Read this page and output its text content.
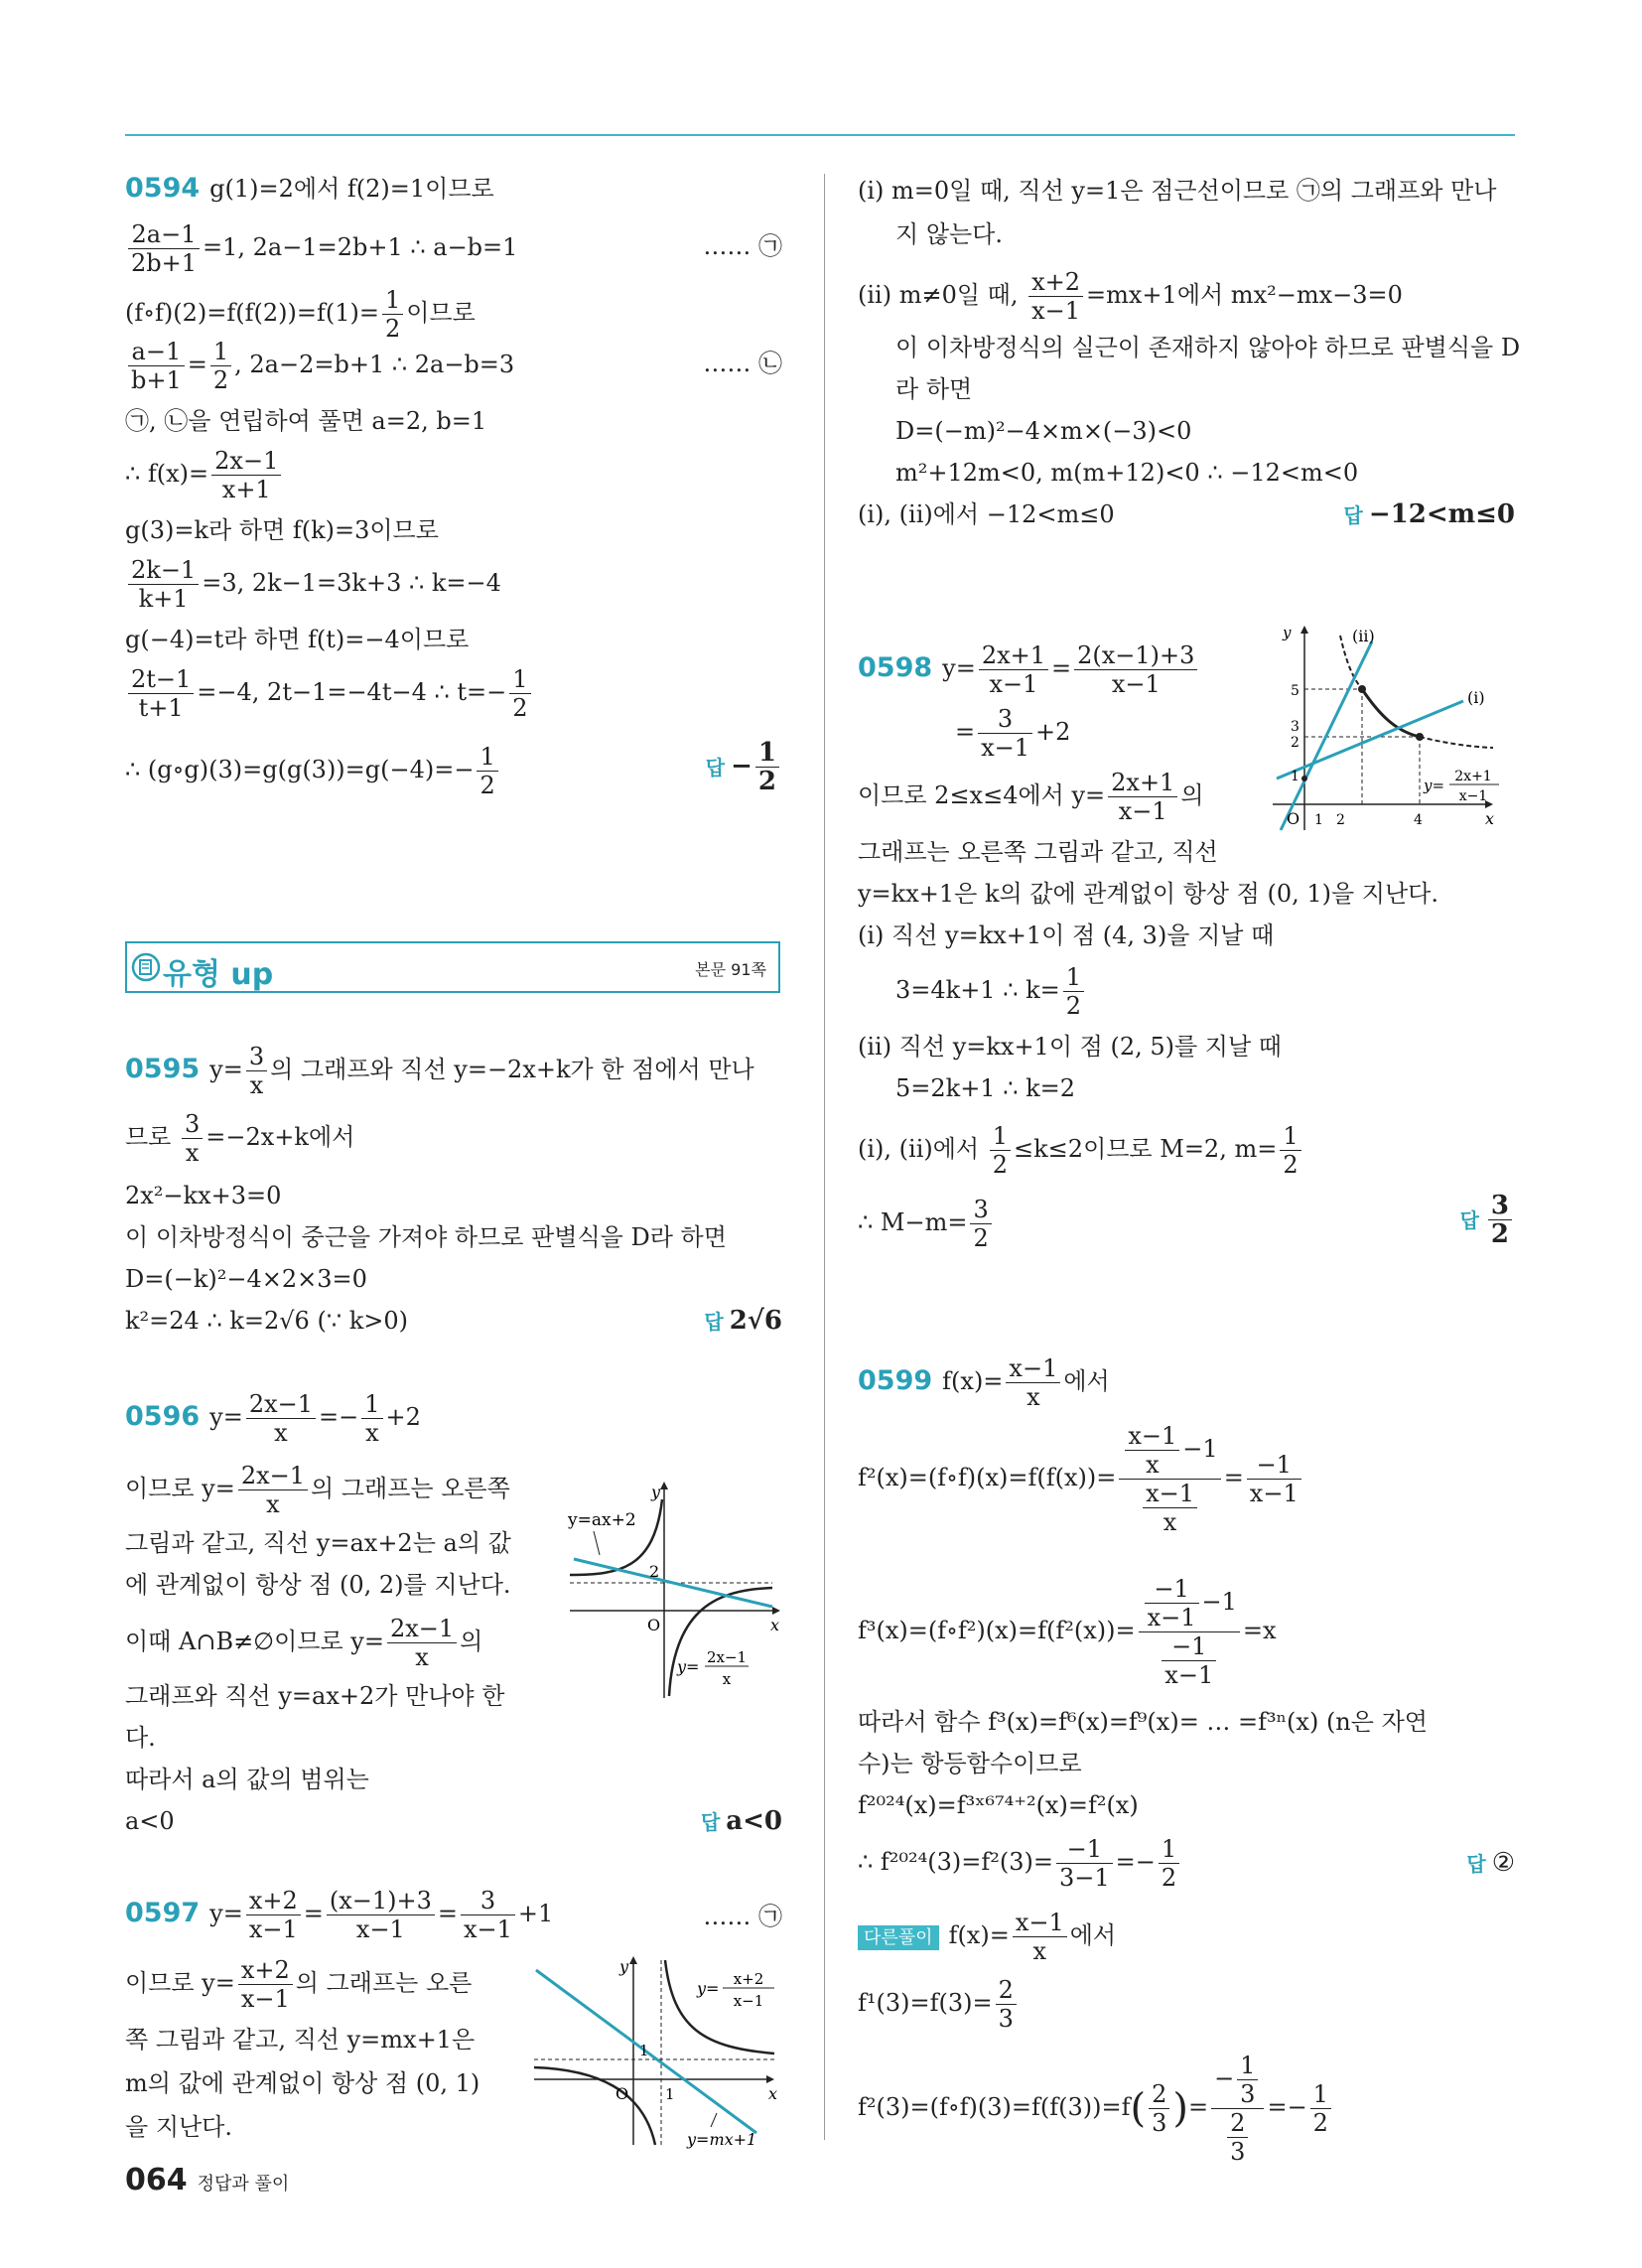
0594 g(1)=2에서 f(2)=1이므로
$\frac{2a-1}{2b+1} =1$, 2a−1=2b+1 ∴ a−b=1	…… ㉠
(f∘f)(2)=f(f(2))=f(1)= $\frac{1}{2}$ 이므로
$\frac{a-1}{b+1} = \frac{1}{2}$ , 2a−2=b+1 ∴ 2a−b=3	…… ㉡
㉠, ㉡을 연립하여 풀면 a=2, b=1
∴ $f(x)= \frac{2x-1}{x+1}$
g(3)=k라 하면 f(k)=3이므로
$\frac{2k-1}{k+1} =3$, 2k−1=3k+3 ∴ k=−4
g(−4)=t라 하면 f(t)=−4이므로
$\frac{2t-1}{t+1} =-4$, 2t−1=−4t−4 ∴ $t=- \frac{1}{2}$
∴ (g∘g)(3)=g(g(3))=g(−4)=− $\frac{1}{2}$	답 − $\frac{1}{2}$
유형 up	본문 91쪽
0595 $y= \frac{3}{x}$ 의 그래프와 직선 y=−2x+k가 한 점에서 만나
므로 $\frac{3}{x} =-2x+k$에서
2x²−kx+3=0
이 이차방정식이 중근을 가져야 하므로 판별식을 D라 하면
D=(−k)²−4×2×3=0
k²=24 ∴ k=2√6 (∵ k>0)	답 2√6
0596 $y= \frac{2x-1}{x} =- \frac{1}{x} +2$
이므로 $y= \frac{2x-1}{x}$ 의 그래프는 오른쪽
그림과 같고, 직선 y=ax+2는 a의 값
에 관계없이 항상 점 (0, 2)를 지난다.
이때 A∩B≠∅이므로 $y= \frac{2x-1}{x}$ 의
그래프와 직선 y=ax+2가 만나야 한
다.
따라서 a의 값의 범위는
a<0	답 a<0
y=ax+2
y
x
O
2
y= 2x−1
x
0597 $y= \frac{x+2}{x-1} = \frac{(x-1)+3}{x-1} = \frac{3}{x-1} +1$	…… ㉠
이므로 $y= \frac{x+2}{x-1}$ 의 그래프는 오른
쪽 그림과 같고, 직선 y=mx+1은
m의 값에 관계없이 항상 점 (0, 1)
을 지난다.
y
x
O
1
1
y= x+2
x−1
y=mx+1
(i) m=0일 때, 직선 y=1은 점근선이므로 ㉠의 그래프와 만나
지 않는다.
(ii) m≠0일 때, $\frac{x+2}{x-1} =mx+1$에서 mx²−mx−3=0
이 이차방정식의 실근이 존재하지 않아야 하므로 판별식을 D
라 하면
D=(−m)²−4×m×(−3)<0
m²+12m<0, m(m+12)<0 ∴ −12<m<0
(i), (ii)에서 −12<m≤0	답 −12<m≤0
0598 $y= \frac{2x+1}{x-1} = \frac{2(x-1)+3}{x-1}$
= $\frac{3}{x-1} +2$
이므로 2≤x≤4에서 $y= \frac{2x+1}{x-1}$ 의
그래프는 오른쪽 그림과 같고, 직선
y=kx+1은 k의 값에 관계없이 항상 점 (0, 1)을 지난다.
(i) 직선 y=kx+1이 점 (4, 3)을 지날 때
3=4k+1 ∴ $k= \frac{1}{2}$
(ii) 직선 y=kx+1이 점 (2, 5)를 지날 때
5=2k+1 ∴ k=2
(i), (ii)에서 $\frac{1}{2} \le k\le 2$이므로 M=2, $m= \frac{1}{2}$
∴ $M-m= \frac{3}{2}$	답 $\frac{3}{2}$
(ii)
(i)
y
x
O
5
3
2
1
1 2	4
y= 2x+1
x−1
0599 $f(x)= \frac{x-1}{x}$ 에서
f²(x)=(f∘f)(x)=f(f(x))= $\frac{\frac{x-1}{x} -1}{\frac{x-1}{x}} = \frac{-1}{x-1}$
f³(x)=(f∘f²)(x)=f(f²(x))= $\frac{\frac{-1}{x-1} -1}{\frac{-1}{x-1}} =x$
따라서 함수 f³(x)=f⁶(x)=f⁹(x)= … =f³ⁿ(x) (n은 자연
수)는 항등함수이므로
f²⁰²⁴(x)=f³ˣ⁶⁷⁴⁺²(x)=f²(x)
∴ $f^{2024}(3)=f^2(3)= \frac{-1}{3-1} =- \frac{1}{2}$	답 ②
다른풀이 $f(x)= \frac{x-1}{x}$ 에서
$f^1(3)=f(3)= \frac{2}{3}$
f²(3)=(f∘f)(3)=f(f(3))=f( $\frac{2}{3}$ )= $\frac{- \frac{1}{3}}{\frac{2}{3}} =- \frac{1}{2}$
064 정답과 풀이
